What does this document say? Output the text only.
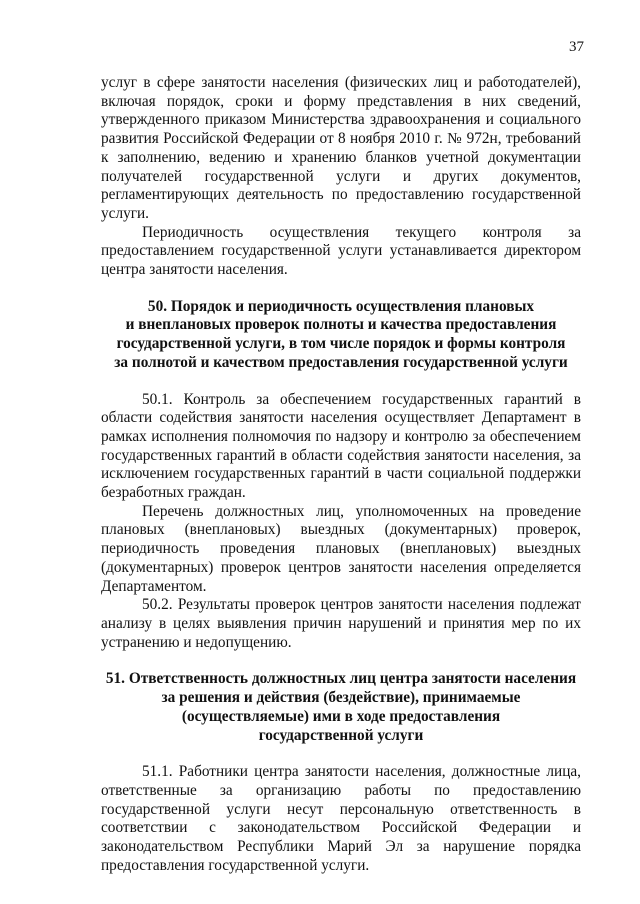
37

услуг в сфере занятости населения (физических лиц и работодателей), включая порядок, сроки и форму представления в них сведений, утвержденного приказом Министерства здравоохранения и социального развития Российской Федерации от 8 ноября 2010 г. № 972н, требований к заполнению, ведению и хранению бланков учетной документации получателей государственной услуги и других документов, регламентирующих деятельность по предоставлению государственной услуги.

Периодичность осуществления текущего контроля за предоставлением государственной услуги устанавливается директором центра занятости населения.

50. Порядок и периодичность осуществления плановых
и внеплановых проверок полноты и качества предоставления
государственной услуги, в том числе порядок и формы контроля
за полнотой и качеством предоставления государственной услуги

50.1. Контроль за обеспечением государственных гарантий в области содействия занятости населения осуществляет Департамент в рамках исполнения полномочия по надзору и контролю за обеспечением государственных гарантий в области содействия занятости населения, за исключением государственных гарантий в части социальной поддержки безработных граждан.

Перечень должностных лиц, уполномоченных на проведение плановых (внеплановых) выездных (документарных) проверок, периодичность проведения плановых (внеплановых) выездных (документарных) проверок центров занятости населения определяется Департаментом.

50.2. Результаты проверок центров занятости населения подлежат анализу в целях выявления причин нарушений и принятия мер по их устранению и недопущению.

51. Ответственность должностных лиц центра занятости населения
за решения и действия (бездействие), принимаемые
(осуществляемые) ими в ходе предоставления
государственной услуги

51.1. Работники центра занятости населения, должностные лица, ответственные за организацию работы по предоставлению государственной услуги несут персональную ответственность в соответствии с законодательством Российской Федерации и законодательством Республики Марий Эл за нарушение порядка предоставления государственной услуги.
